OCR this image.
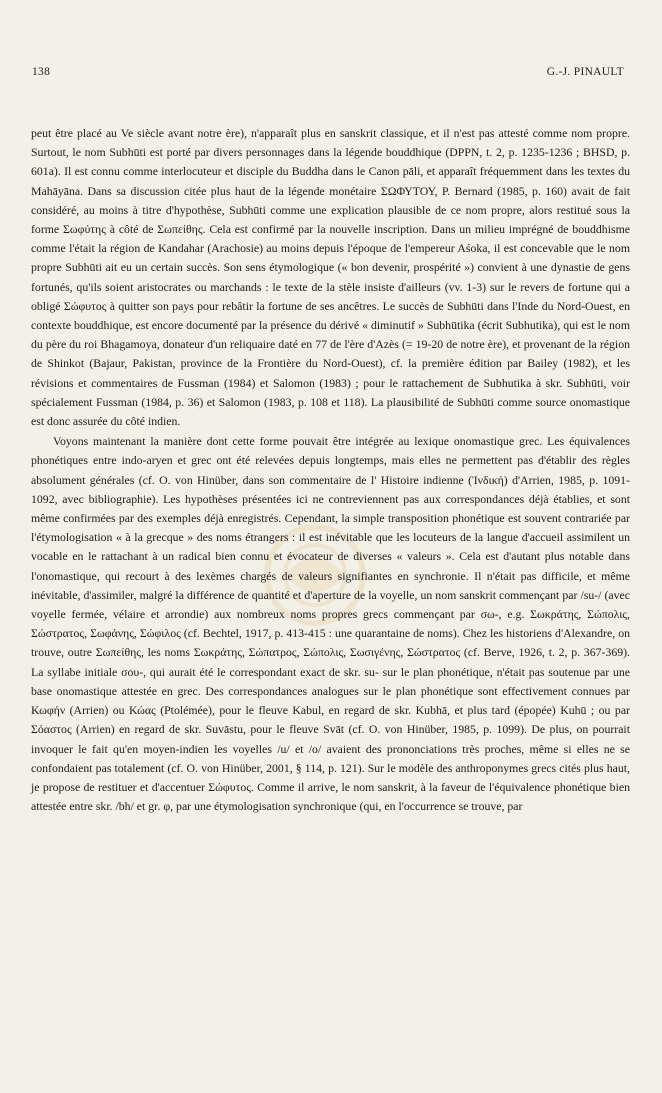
138	G.-J. PINAULT

peut être placé au Ve siècle avant notre ère), n'apparaît plus en sanskrit classique, et il n'est pas attesté comme nom propre. Surtout, le nom Subhūti est porté par divers personnages dans la légende bouddhique (DPPN, t. 2, p. 1235-1236 ; BHSD, p. 601a). Il est connu comme interlocuteur et disciple du Buddha dans le Canon pāli, et apparaît fréquemment dans les textes du Mahāyāna. Dans sa discussion citée plus haut de la légende monétaire ΣΩΦΥΤΟΥ, P. Bernard (1985, p. 160) avait de fait considéré, au moins à titre d'hypothèse, Subhūti comme une explication plausible de ce nom propre, alors restitué sous la forme Σωφύτης à côté de Σωπείθης. Cela est confirmé par la nouvelle inscription. Dans un milieu imprégné de bouddhisme comme l'était la région de Kandahar (Arachosie) au moins depuis l'époque de l'empereur Aśoka, il est concevable que le nom propre Subhūti ait eu un certain succès. Son sens étymologique (« bon devenir, prospérité ») convient à une dynastie de gens fortunés, qu'ils soient aristocrates ou marchands : le texte de la stèle insiste d'ailleurs (vv. 1-3) sur le revers de fortune qui a obligé Σώφυτος à quitter son pays pour rebâtir la fortune de ses ancêtres. Le succès de Subhūti dans l'Inde du Nord-Ouest, en contexte bouddhique, est encore documenté par la présence du dérivé « diminutif » Subhūtika (écrit Subhutika), qui est le nom du père du roi Bhagamoya, donateur d'un reliquaire daté en 77 de l'ère d'Azès (= 19-20 de notre ère), et provenant de la région de Shinkot (Bajaur, Pakistan, province de la Frontière du Nord-Ouest), cf. la première édition par Bailey (1982), et les révisions et commentaires de Fussman (1984) et Salomon (1983) ; pour le rattachement de Subhutika à skr. Subhūti, voir spécialement Fussman (1984, p. 36) et Salomon (1983, p. 108 et 118). La plausibilité de Subhūti comme source onomastique est donc assurée du côté indien.

Voyons maintenant la manière dont cette forme pouvait être intégrée au lexique onomastique grec. Les équivalences phonétiques entre indo-aryen et grec ont été relevées depuis longtemps, mais elles ne permettent pas d'établir des règles absolument générales (cf. O. von Hinüber, dans son commentaire de l' Histoire indienne (Ἰνδική) d'Arrien, 1985, p. 1091-1092, avec bibliographie). Les hypothèses présentées ici ne contreviennent pas aux correspondances déjà établies, et sont même confirmées par des exemples déjà enregistrés. Cependant, la simple transposition phonétique est souvent contrariée par l'étymologisation « à la grecque » des noms étrangers : il est inévitable que les locuteurs de la langue d'accueil assimilent un vocable en le rattachant à un radical bien connu et évocateur de diverses « valeurs ». Cela est d'autant plus notable dans l'onomastique, qui recourt à des lexèmes chargés de valeurs signifiantes en synchronie. Il n'était pas difficile, et même inévitable, d'assimiler, malgré la différence de quantité et d'aperture de la voyelle, un nom sanskrit commençant par /su-/ (avec voyelle fermée, vélaire et arrondie) aux nombreux noms propres grecs commençant par σω-, e.g. Σωκράτης, Σώπολις, Σώστρατος, Σωφάνης, Σώφιλος (cf. Bechtel, 1917, p. 413-415 : une quarantaine de noms). Chez les historiens d'Alexandre, on trouve, outre Σωπείθης, les noms Σωκράτης, Σώπατρος, Σώπολις, Σωσιγένης, Σώστρατος (cf. Berve, 1926, t. 2, p. 367-369). La syllabe initiale σου-, qui aurait été le correspondant exact de skr. su- sur le plan phonétique, n'était pas soutenue par une base onomastique attestée en grec. Des correspondances analogues sur le plan phonétique sont effectivement connues par Κωφήν (Arrien) ou Κώας (Ptolémée), pour le fleuve Kabul, en regard de skr. Kubhā, et plus tard (épopée) Kuhū ; ou par Σόαστος (Arrien) en regard de skr. Suvāstu, pour le fleuve Svāt (cf. O. von Hinüber, 1985, p. 1099). De plus, on pourrait invoquer le fait qu'en moyen-indien les voyelles /u/ et /o/ avaient des prononciations très proches, même si elles ne se confondaient pas totalement (cf. O. von Hinüber, 2001, § 114, p. 121). Sur le modèle des anthroponymes grecs cités plus haut, je propose de restituer et d'accentuer Σώφυτος. Comme il arrive, le nom sanskrit, à la faveur de l'équivalence phonétique bien attestée entre skr. /bh/ et gr. φ, par une étymologisation synchronique (qui, en l'occurrence se trouve, par
